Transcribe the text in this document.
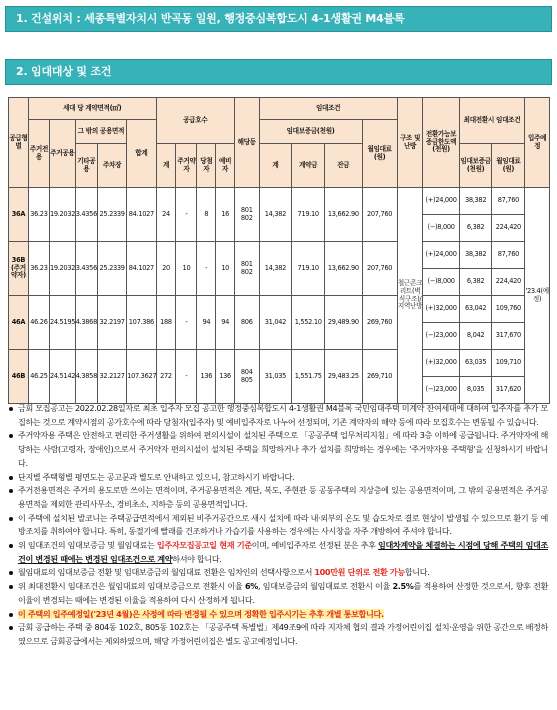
1. 건설위치 : 세종특별자치시 반곡동 일원, 행정중심복합도시 4-1생활권 M4블록
2. 임대대상 및 조건
공급형별	세대 당 계약면적(㎡)					공급호수				해당동	임대조건				구조 및 난방	전환가능보증금한도액(천원)	최대전환시 임대조건		입주예정
	주거전용	주거공용	그 밖의 공용면적		합계						임대보증금(천원)			월임대료(원)					
			기타공용	주차장		계	주거약자	당첨자	예비자		계	계약금	잔금				임대보증금(천원)	월임대료(원)	
36A	36.23	19.2032	3.4356	25.2339	84.1027	24	-	8	16	801 802	14,382	719.10	13,662.90	207,760	철근콘크리트(벽식구조)/지역난방	(+)24,000	38,382	87,760	'23.4(예정)
																(−)8,000	6,382	224,420	
36B (주거약자)	36.23	19.2032	3.4356	25.2339	84.1027	20	10	-	10	801 802	14,382	719.10	13,662.90	207,760		(+)24,000	38,382	87,760	
																(−)8,000	6,382	224,420	
46A	46.26	24.5195	4.3868	32.2197	107.386	188	-	94	94	806	31,042	1,552.10	29,489.90	269,760		(+)32,000	63,042	109,760	
																(−)23,000	8,042	317,670	
46B	46.25	24.5142	4.3858	32.2127	107.3627	272	-	136	136	804 805	31,035	1,551.75	29,483.25	269,710		(+)32,000	63,035	109,710	
																(−)23,000	8,035	317,620	
금회 모집공고는 2022.02.28일자로 최초 입주자 모집 공고한 행정중심복합도시 4-1생활권 M4블록 국민임대주택 미계약 잔여세대에 대하여 입주자를 추가 모집하는 것으로 계약시점의 공가호수에 따라 당첨자(입주자) 및 예비입주자로 나누어 선정되며, 기존 계약자의 해약 등에 따라 모집호수는 변동될 수 있습니다.
주거약자용 주택은 안전하고 편리한 주거생활을 위하여 편의시설이 설치된 주택으로 「공공주택 업무처리지침」에 따라 3층 이하에 공급됩니다. 주거약자에 해당하는 사람(고령자, 장애인)으로서 주거약자 편의시설이 설치된 주택을 희망하거나 추가 설치를 희망하는 경우에는 '주거약자용 주택형'을 신청하시기 바랍니다.
단지별 주택형별 평면도는 공고문과 별도로 안내하고 있으니, 참고하시기 바랍니다.
주거전용면적은 주거의 용도로만 쓰이는 면적이며, 주거공용면적은 계단, 복도, 주현관 등 공동주택의 지상층에 있는 공용면적이며, 그 밖의 공용면적은 주거공용면적을 제외한 관리사무소, 경비초소, 지하층 등의 공용면적입니다.
이 주택에 설치된 발코니는 주택공급면적에서 제외된 비주거공간으로 새시 설치에 따라 내·외부의 온도 및 습도차로 결로 현상이 발생될 수 있으므로 환기 등 예방조치를 취하여야 합니다. 특히, 동절기에 빨래를 건조하거나 가습기를 사용하는 경우에는 사시창을 자주 개방하여 주셔야 합니다.
위 임대조건의 임대보증금 및 월임대료는 입주자모집공고일 현재 기준이며, 예비입주자로 선정된 분은 추후 임대차계약을 체결하는 시점에 당해 주택의 임대조건이 변경된 때에는 변경된 임대조건으로 계약하셔야 합니다.
월임대료의 임대보증금 전환 및 임대보증금의 월임대료 전환은 임차인의 선택사항으로서 100만원 단위로 전환 가능합니다.
위 최대전환시 임대조건은 월임대료의 임대보증금으로 전환시 이율 6%, 임대보증금의 월임대료로 전환시 이율 2.5%를 적용하여 산정한 것으로서, 향후 전환이율이 변경되는 때에는 변경된 이율을 적용하여 다시 산정하게 됩니다.
이 주택의 입주예정일('23년 4월)은 사정에 따라 변경될 수 있으며 정확한 입주시기는 추후 개별 통보합니다.
금회 공급하는 주택 중 804동 102호, 805동 102호는 「공공주택 특별법」제49조9에 따라 지자체 협의 결과 가정어린이집 설치·운영을 위한 공간으로 배정하였으므로 금회공급에서는 제외하였으며, 해당 가정어린이집은 별도 공고예정입니다.
